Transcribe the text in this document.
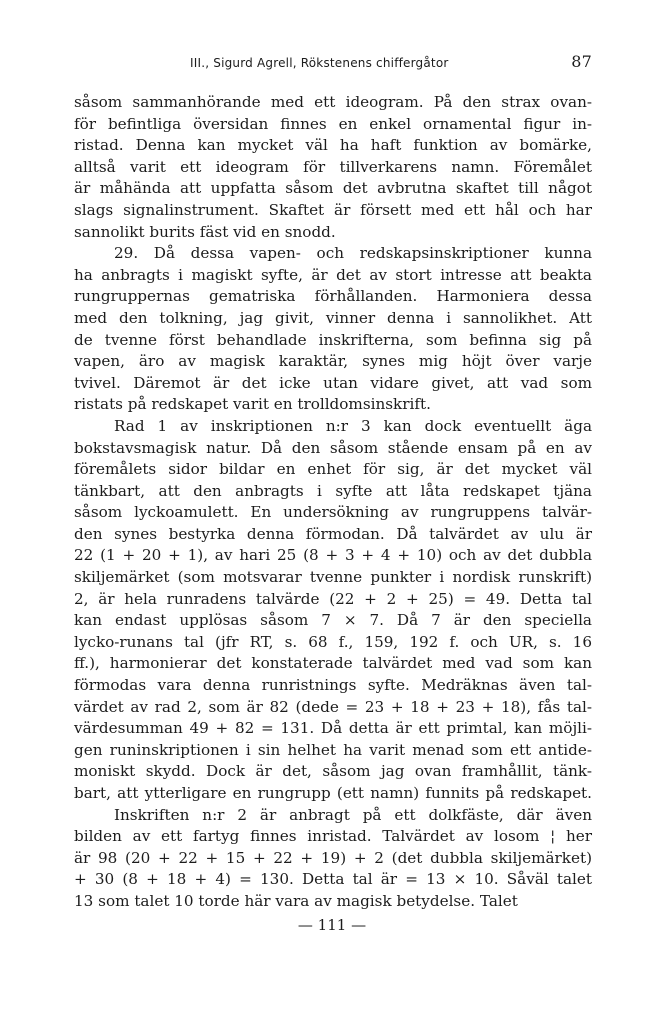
III., Sigurd Agrell, Rökstenens chiffergåtor	87
såsom sammanhörande med ett ideogram. På den strax ovan-
för befintliga översidan finnes en enkel ornamental figur in-
ristad. Denna kan mycket väl ha haft funktion av bomärke,
alltså varit ett ideogram för tillverkarens namn. Föremålet
är måhända att uppfatta såsom det avbrutna skaftet till något
slags signalinstrument. Skaftet är försett med ett hål och har
sannolikt burits fäst vid en snodd.
29. Då dessa vapen- och redskapsinskriptioner kunna
ha anbragts i magiskt syfte, är det av stort intresse att beakta
rungruppernas gematriska förhållanden. Harmoniera dessa
med den tolkning, jag givit, vinner denna i sannolikhet. Att
de tvenne först behandlade inskrifterna, som befinna sig på
vapen, äro av magisk karaktär, synes mig höjt över varje
tvivel. Däremot är det icke utan vidare givet, att vad som
ristats på redskapet varit en trolldomsinskrift.
Rad 1 av inskriptionen n:r 3 kan dock eventuellt äga
bokstavsmagisk natur. Då den såsom stående ensam på en av
föremålets sidor bildar en enhet för sig, är det mycket väl
tänkbart, att den anbragts i syfte att låta redskapet tjäna
såsom lyckoamulett. En undersökning av rungruppens talvär-
den synes bestyrka denna förmodan. Då talvärdet av ulu är
22 (1 + 20 + 1), av hari 25 (8 + 3 + 4 + 10) och av det dubbla
skiljemärket (som motsvarar tvenne punkter i nordisk runskrift)
2, är hela runradens talvärde (22 + 2 + 25) = 49. Detta tal
kan endast upplösas såsom 7 × 7. Då 7 är den speciella
lycko-runans tal (jfr RT, s. 68 f., 159, 192 f. och UR, s. 16
ff.), harmonierar det konstaterade talvärdet med vad som kan
förmodas vara denna runristnings syfte. Medräknas även tal-
värdet av rad 2, som är 82 (dede = 23 + 18 + 23 + 18), fås tal-
värdesumman 49 + 82 = 131. Då detta är ett primtal, kan möjli-
gen runinskriptionen i sin helhet ha varit menad som ett antide-
moniskt skydd. Dock är det, såsom jag ovan framhållit, tänk-
bart, att ytterligare en rungrupp (ett namn) funnits på redskapet.
Inskriften n:r 2 är anbragt på ett dolkfäste, där även
bilden av ett fartyg finnes inristad. Talvärdet av losom ¦ her
är 98 (20 + 22 + 15 + 22 + 19) + 2 (det dubbla skiljemärket)
+ 30 (8 + 18 + 4) = 130. Detta tal är = 13 × 10. Såväl talet
13 som talet 10 torde här vara av magisk betydelse. Talet
— 111 —
